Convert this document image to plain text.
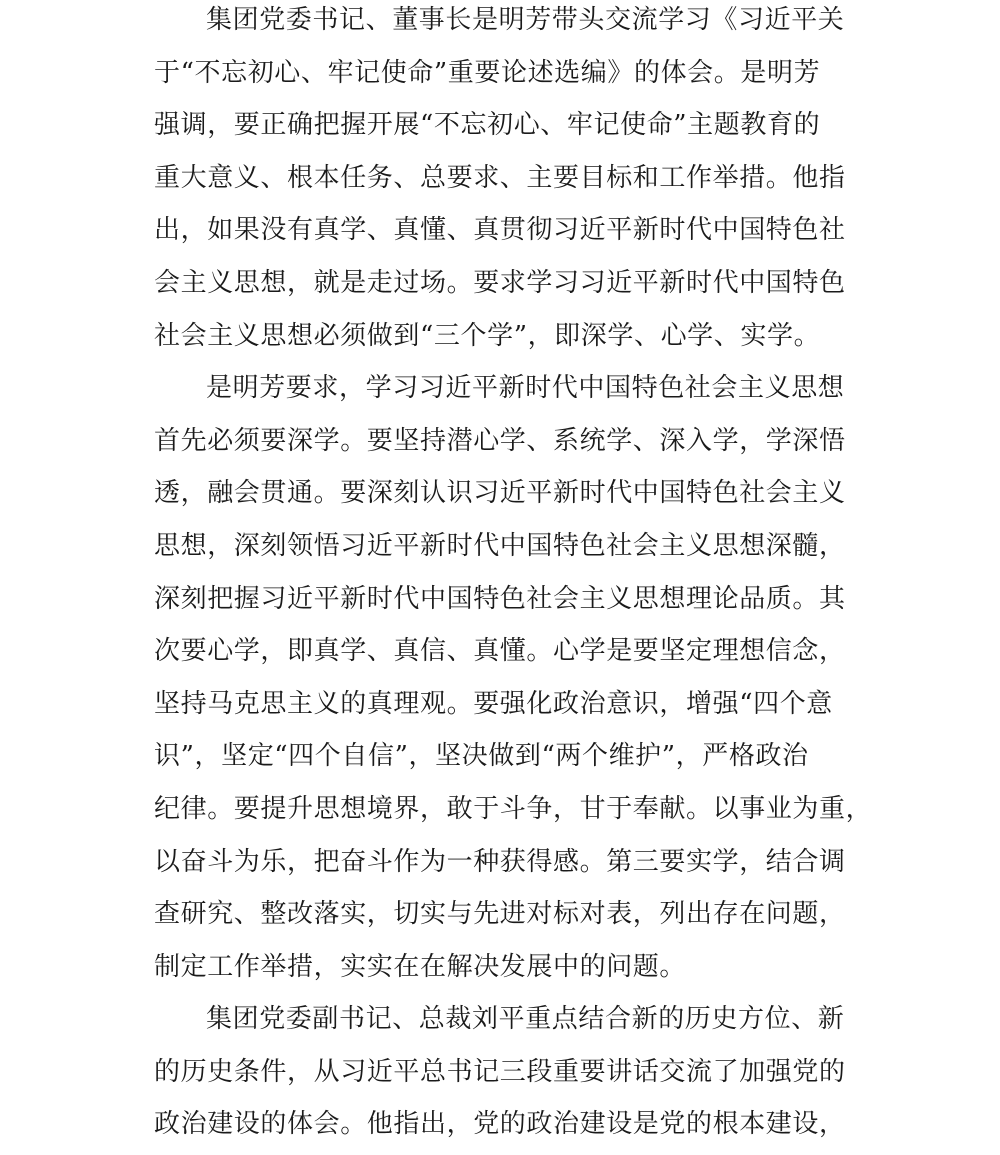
集团党委书记、董事长是明芳带头交流学习《习近平关
于“不忘初心、牢记使命”重要论述选编》的体会。是明芳
强调，要正确把握开展“不忘初心、牢记使命”主题教育的
重大意义、根本任务、总要求、主要目标和工作举措。他指
出，如果没有真学、真懂、真贯彻习近平新时代中国特色社
会主义思想，就是走过场。要求学习习近平新时代中国特色
社会主义思想必须做到“三个学”，即深学、心学、实学。
是明芳要求，学习习近平新时代中国特色社会主义思想
首先必须要深学。要坚持潜心学、系统学、深入学，学深悟
透，融会贯通。要深刻认识习近平新时代中国特色社会主义
思想，深刻领悟习近平新时代中国特色社会主义思想深髓，
深刻把握习近平新时代中国特色社会主义思想理论品质。其
次要心学，即真学、真信、真懂。心学是要坚定理想信念，
坚持马克思主义的真理观。要强化政治意识，增强“四个意
识”，坚定“四个自信”，坚决做到“两个维护”，严格政治
纪律。要提升思想境界，敢于斗争，甘于奉献。以事业为重，
以奋斗为乐，把奋斗作为一种获得感。第三要实学，结合调
查研究、整改落实，切实与先进对标对表，列出存在问题，
制定工作举措，实实在在解决发展中的问题。
集团党委副书记、总裁刘平重点结合新的历史方位、新
的历史条件，从习近平总书记三段重要讲话交流了加强党的
政治建设的体会。他指出，党的政治建设是党的根本建设，
